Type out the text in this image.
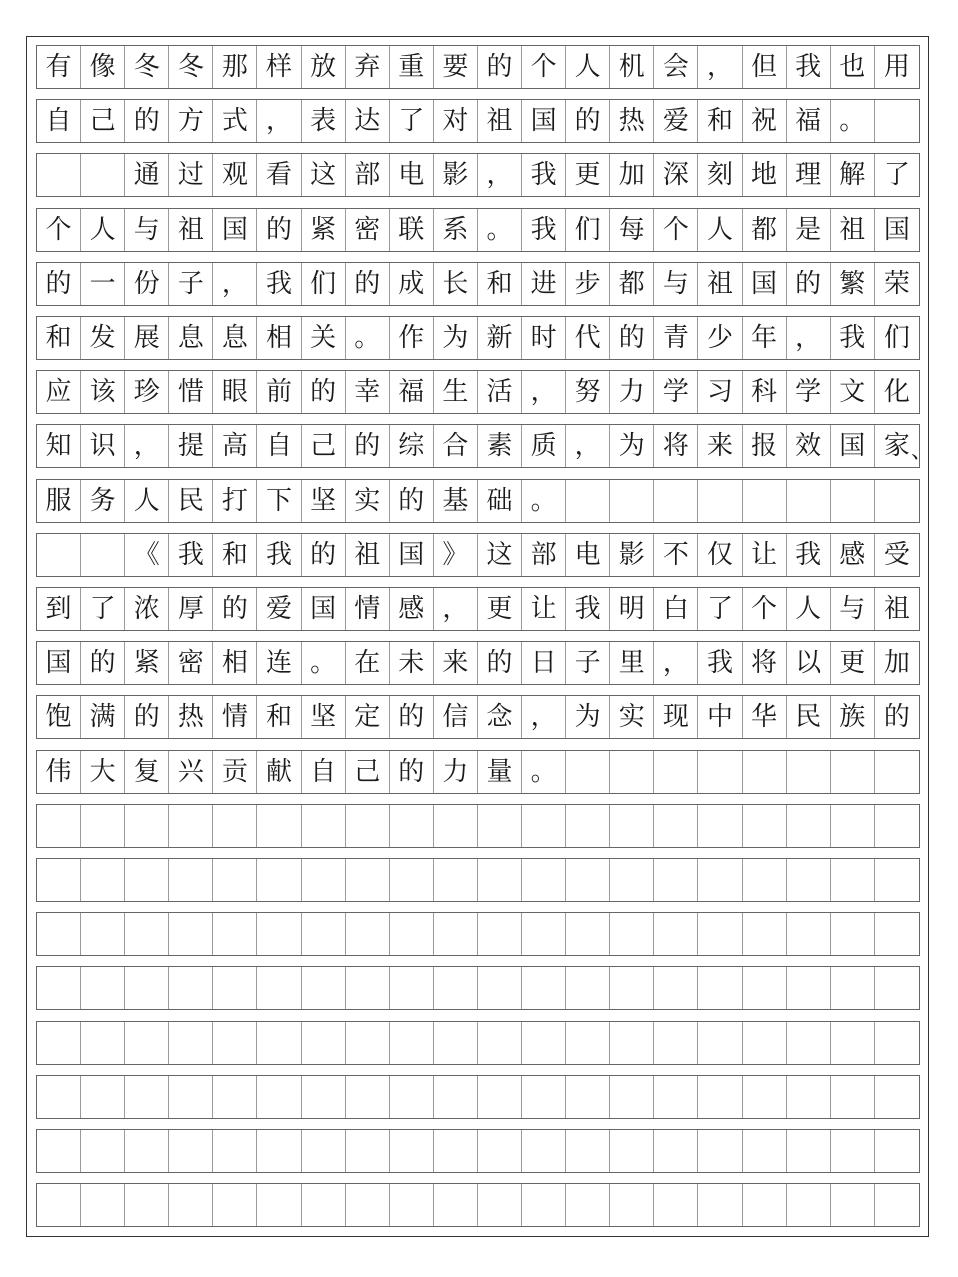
有 像 冬 冬 那 样 放 弃 重 要 的 个 人 机 会 ， 但 我 也 用
自 己 的 方 式 ， 表 达 了 对 祖 国 的 热 爱 和 祝 福 。
通 过 观 看 这 部 电 影 ， 我 更 加 深 刻 地 理 解 了
个 人 与 祖 国 的 紧 密 联 系 。 我 们 每 个 人 都 是 祖 国
的 一 份 子 ， 我 们 的 成 长 和 进 步 都 与 祖 国 的 繁 荣
和 发 展 息 息 相 关 。 作 为 新 时 代 的 青 少 年 ， 我 们
应 该 珍 惜 眼 前 的 幸 福 生 活 ， 努 力 学 习 科 学 文 化
知 识 ， 提 高 自 己 的 综 合 素 质 ， 为 将 来 报 效 国 家 、
服 务 人 民 打 下 坚 实 的 基 础 。
《 我 和 我 的 祖 国 》 这 部 电 影 不 仅 让 我 感 受
到 了 浓 厚 的 爱 国 情 感 ， 更 让 我 明 白 了 个 人 与 祖
国 的 紧 密 相 连 。 在 未 来 的 日 子 里 ， 我 将 以 更 加
饱 满 的 热 情 和 坚 定 的 信 念 ， 为 实 现 中 华 民 族 的
伟 大 复 兴 贡 献 自 己 的 力 量 。
